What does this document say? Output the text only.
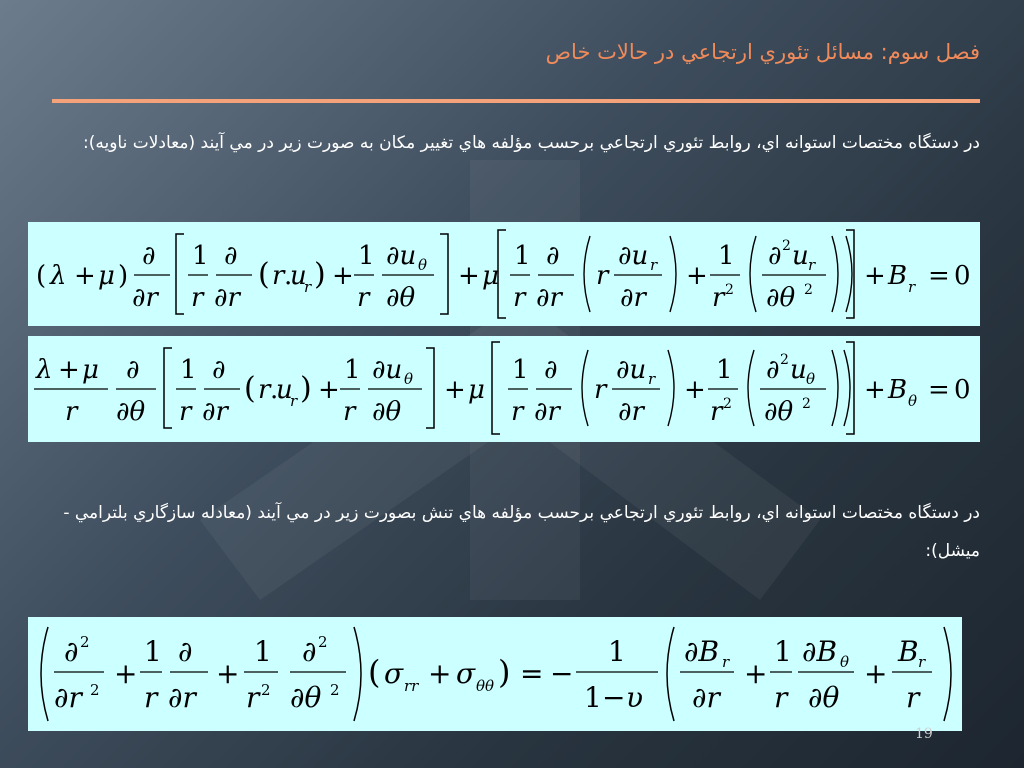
فصل سوم: مسائل تئوري ارتجاعي در حالات خاص
در دستگاه مختصات استوانه اي، روابط تئوري ارتجاعي برحسب مؤلفه هاي تغيير مكان به صورت زير در مي آيند (معادلات ناويه):
( λ + μ )
∂
∂r
1
r
∂
∂r
( r .
u
r ) +
1
r
∂u θ
∂θ
+ μ
1
r
∂
∂r
r
∂u r
∂r
+
1
r 2
∂ 2 u r
∂θ 2 + B r = 0
λ + μ
r
∂
∂θ
1
r
∂
∂r
( r .
u
r ) +
1
r
∂u θ
∂θ
+ μ
1
r
∂
∂r
r
∂u r
∂r
+
1
r 2
∂ 2 u θ
∂θ 2 + B θ = 0
در دستگاه مختصات استوانه اي، روابط تئوري ارتجاعي برحسب مؤلفه هاي تنش بصورت زير در مي آيند (معادله سازگاري بلترامي - ميشل):
∂ 2
∂r 2 +
1
r
∂
∂r
+
1
r 2
∂ 2
∂θ 2 ( σ rr + σ θθ ) = −
1
1 − υ
∂B r
∂r
+
1
r
∂B θ
∂θ
+
B r
r
19
